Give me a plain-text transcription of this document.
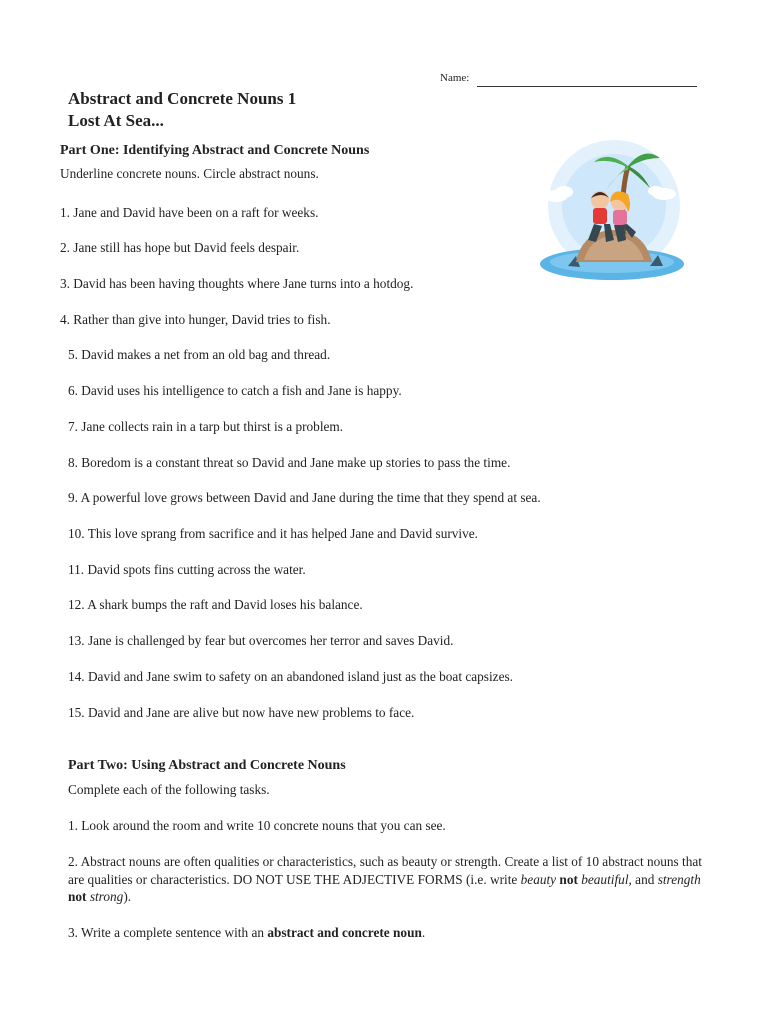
Name:
Abstract and Concrete Nouns 1
Lost At Sea...
Part One: Identifying Abstract and Concrete Nouns
Underline concrete nouns. Circle abstract nouns.
1. Jane and David have been on a raft for weeks.
2. Jane still has hope but David feels despair.
3. David has been having thoughts where Jane turns into a hotdog.
4. Rather than give into hunger, David tries to fish.
5. David makes a net from an old bag and thread.
6. David uses his intelligence to catch a fish and Jane is happy.
7. Jane collects rain in a tarp but thirst is a problem.
8. Boredom is a constant threat so David and Jane make up stories to pass the time.
9. A powerful love grows between David and Jane during the time that they spend at sea.
10. This love sprang from sacrifice and it has helped Jane and David survive.
11. David spots fins cutting across the water.
12. A shark bumps the raft and David loses his balance.
13. Jane is challenged by fear but overcomes her terror and saves David.
14. David and Jane swim to safety on an abandoned island just as the boat capsizes.
15. David and Jane are alive but now have new problems to face.
Part Two: Using Abstract and Concrete Nouns
Complete each of the following tasks.
1. Look around the room and write 10 concrete nouns that you can see.
2. Abstract nouns are often qualities or characteristics, such as beauty or strength. Create a list of 10 abstract nouns that are qualities or characteristics. DO NOT USE THE ADJECTIVE FORMS (i.e. write beauty not beautiful, and strength not strong).
3. Write a complete sentence with an abstract and concrete noun.
